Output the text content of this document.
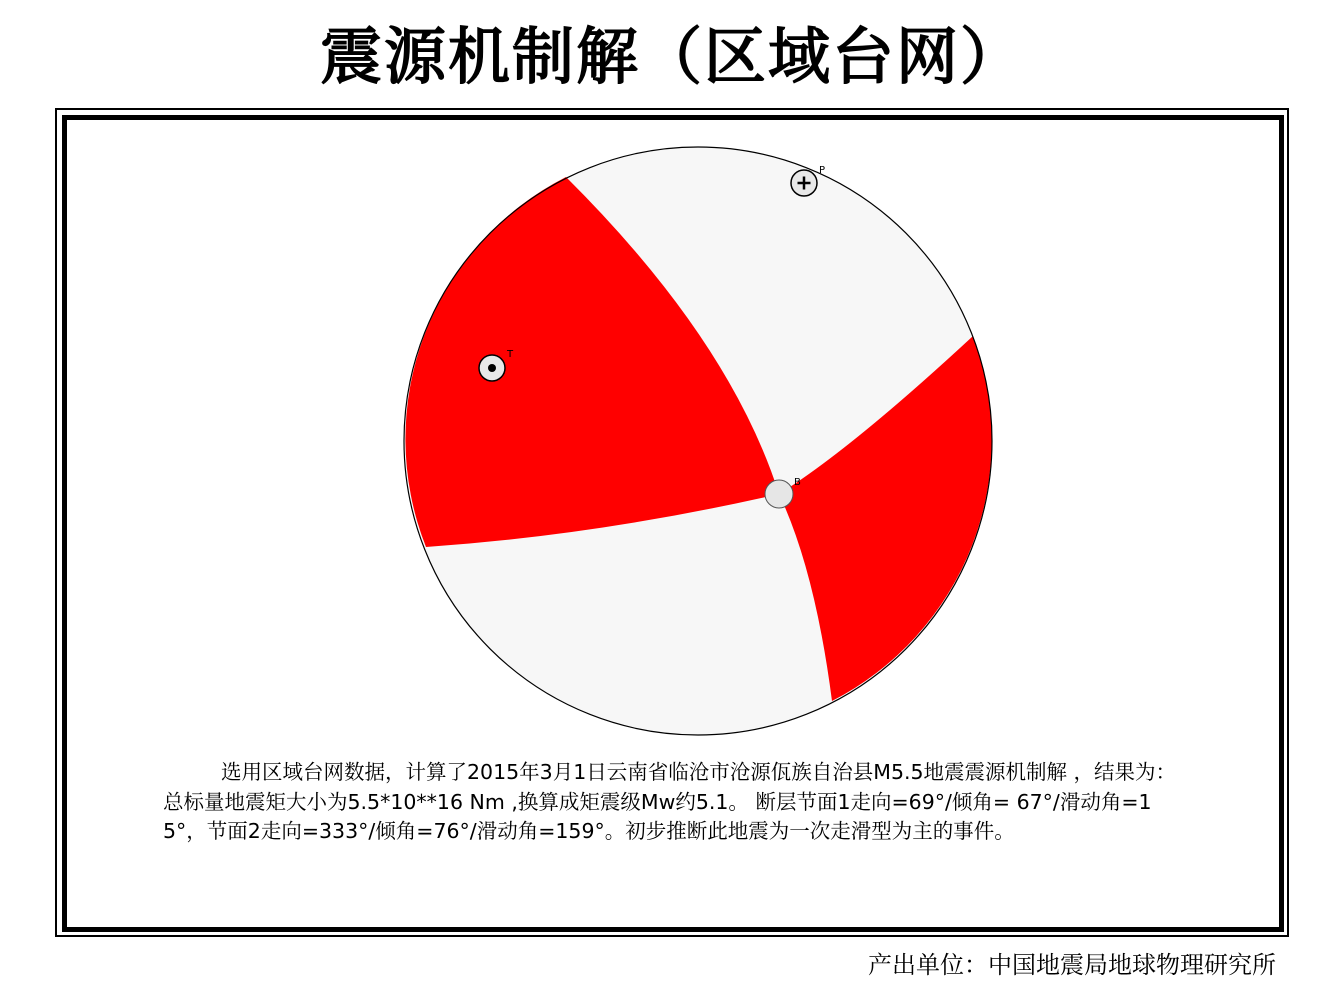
震源机制解（区域台网）
P
T
B
选用区域台网数据，计算了2015年3月1日云南省临沧市沧源佤族自治县M5.5地震震源机制解 ，结果为：总标量地震矩大小为5.5*10**16 Nm ,换算成矩震级Mw约5.1。 断层节面1走向=69°/倾角= 67°/滑动角=15°，节面2走向=333°/倾角=76°/滑动角=159°。初步推断此地震为一次走滑型为主的事件。
产出单位：中国地震局地球物理研究所
